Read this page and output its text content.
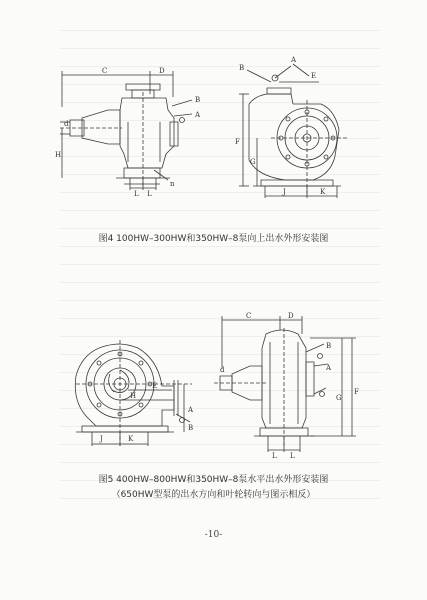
C	D
B
A
d
H
n
L L
B
A
E
F
G
J	K
图4 100HW–300HW和350HW–8泵向上出水外形安装图
E
H
A
B
J	K
C	D
B
A
d
G
F
L L
图5 400HW–800HW和350HW–8泵水平出水外形安装图
（650HW型泵的出水方向和叶轮转向与图示相反）
-10-
